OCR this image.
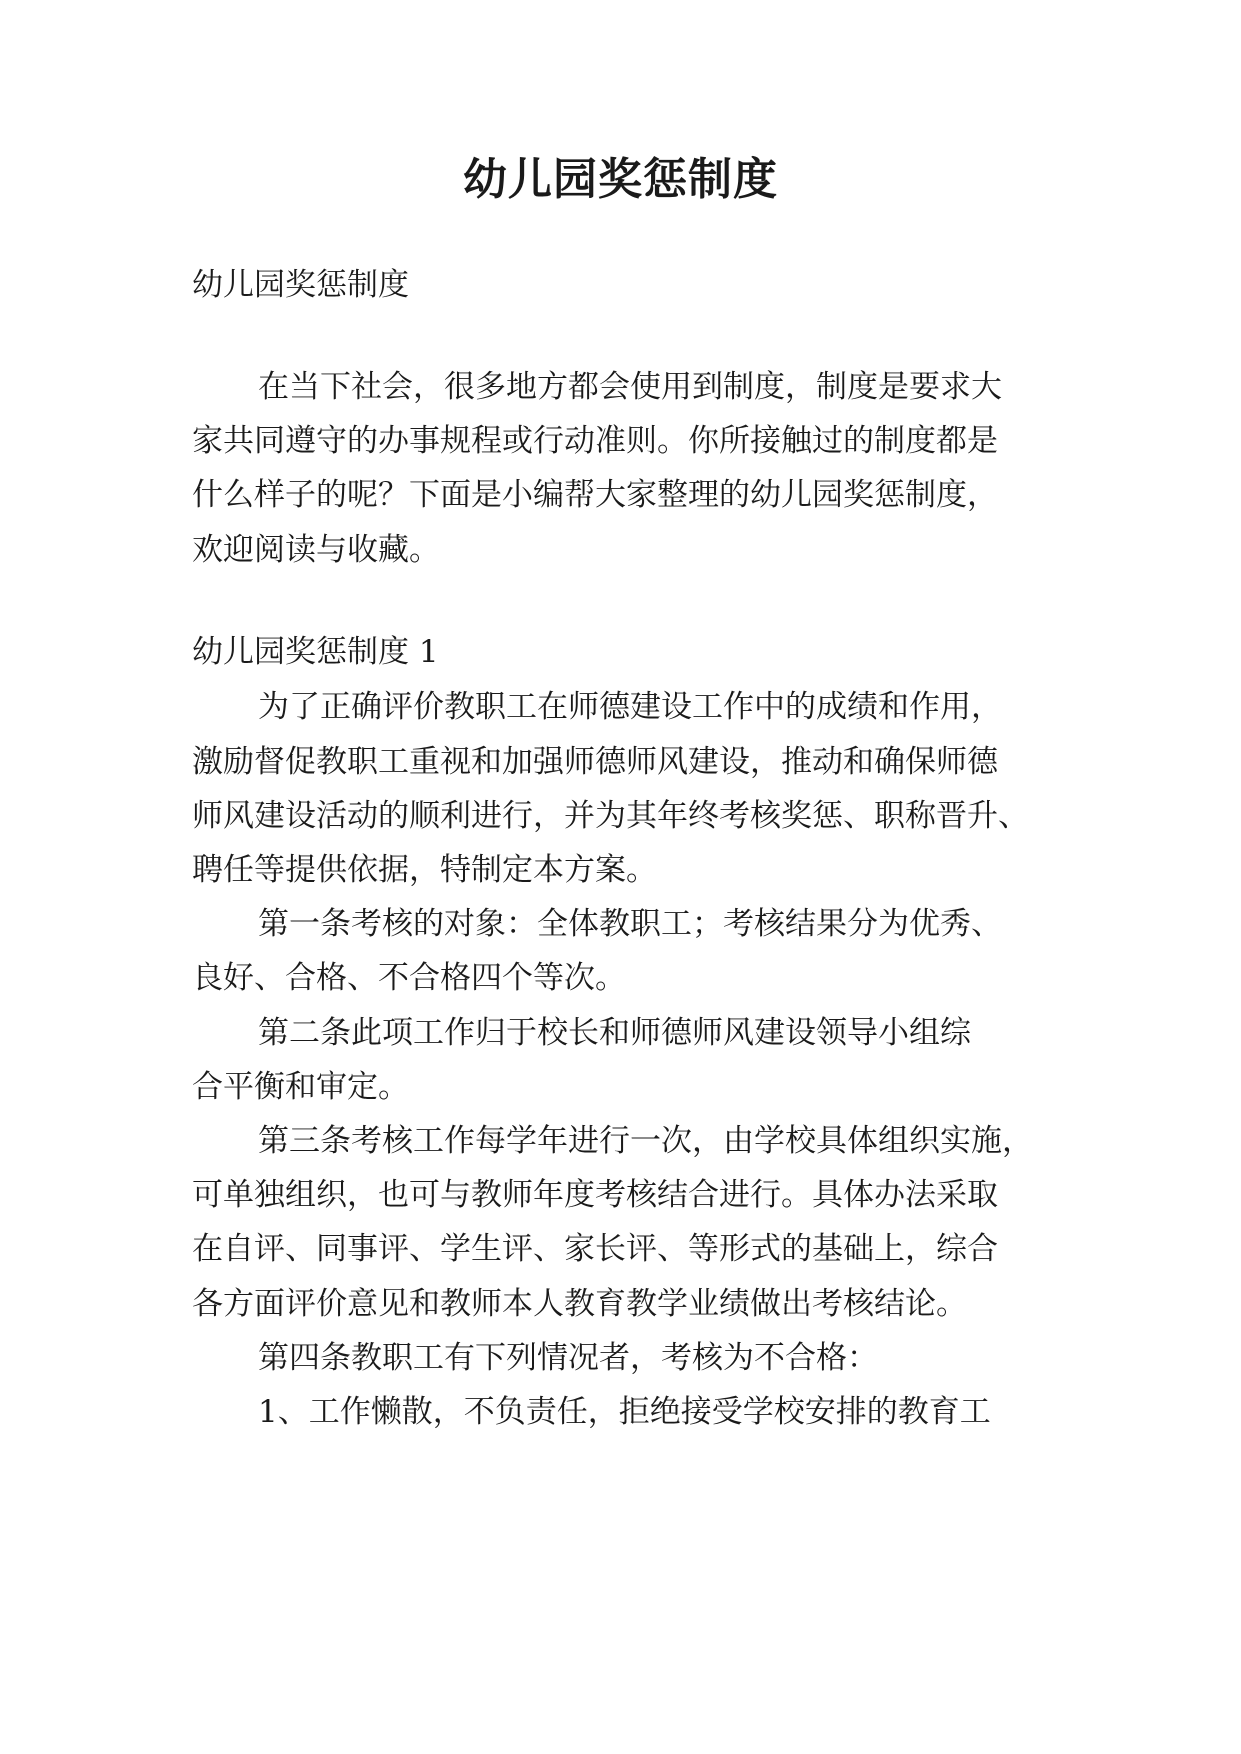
幼儿园奖惩制度

幼儿园奖惩制度

在当下社会，很多地方都会使用到制度，制度是要求大

家共同遵守的办事规程或行动准则。你所接触过的制度都是

什么样子的呢？下面是小编帮大家整理的幼儿园奖惩制度，

欢迎阅读与收藏。

幼儿园奖惩制度 1

为了正确评价教职工在师德建设工作中的成绩和作用，

激励督促教职工重视和加强师德师风建设，推动和确保师德

师风建设活动的顺利进行，并为其年终考核奖惩、职称晋升、

聘任等提供依据，特制定本方案。

第一条考核的对象：全体教职工；考核结果分为优秀、

良好、合格、不合格四个等次。

第二条此项工作归于校长和师德师风建设领导小组综

合平衡和审定。

第三条考核工作每学年进行一次，由学校具体组织实施，

可单独组织，也可与教师年度考核结合进行。具体办法采取

在自评、同事评、学生评、家长评、等形式的基础上，综合

各方面评价意见和教师本人教育教学业绩做出考核结论。

第四条教职工有下列情况者，考核为不合格：

1、工作懒散，不负责任，拒绝接受学校安排的教育工
